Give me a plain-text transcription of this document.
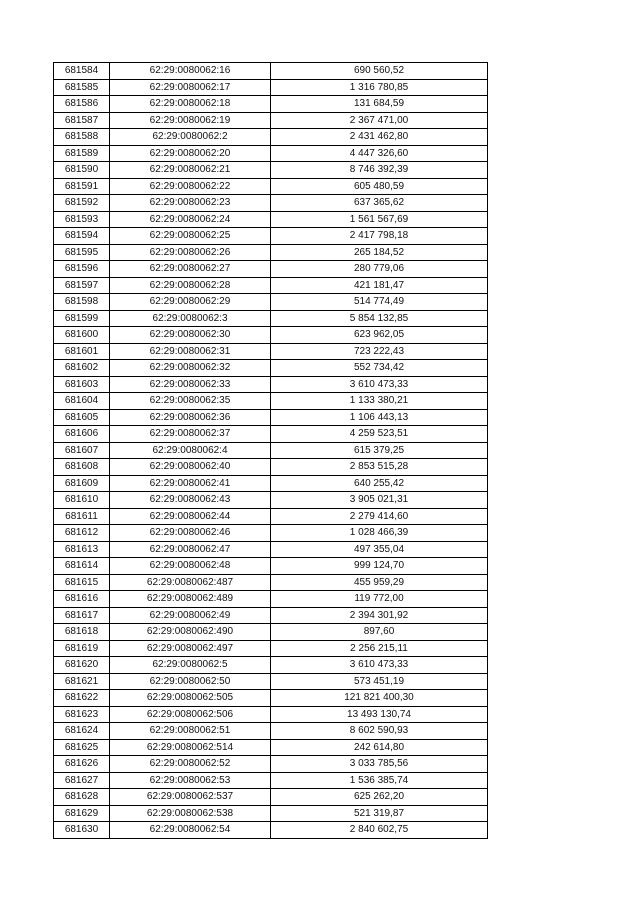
681584	62:29:0080062:16	690 560,52
681585	62:29:0080062:17	1 316 780,85
681586	62:29:0080062:18	131 684,59
681587	62:29:0080062:19	2 367 471,00
681588	62:29:0080062:2	2 431 462,80
681589	62:29:0080062:20	4 447 326,60
681590	62:29:0080062:21	8 746 392,39
681591	62:29:0080062:22	605 480,59
681592	62:29:0080062:23	637 365,62
681593	62:29:0080062:24	1 561 567,69
681594	62:29:0080062:25	2 417 798,18
681595	62:29:0080062:26	265 184,52
681596	62:29:0080062:27	280 779,06
681597	62:29:0080062:28	421 181,47
681598	62:29:0080062:29	514 774,49
681599	62:29:0080062:3	5 854 132,85
681600	62:29:0080062:30	623 962,05
681601	62:29:0080062:31	723 222,43
681602	62:29:0080062:32	552 734,42
681603	62:29:0080062:33	3 610 473,33
681604	62:29:0080062:35	1 133 380,21
681605	62:29:0080062:36	1 106 443,13
681606	62:29:0080062:37	4 259 523,51
681607	62:29:0080062:4	615 379,25
681608	62:29:0080062:40	2 853 515,28
681609	62:29:0080062:41	640 255,42
681610	62:29:0080062:43	3 905 021,31
681611	62:29:0080062:44	2 279 414,60
681612	62:29:0080062:46	1 028 466,39
681613	62:29:0080062:47	497 355,04
681614	62:29:0080062:48	999 124,70
681615	62:29:0080062:487	455 959,29
681616	62:29:0080062:489	119 772,00
681617	62:29:0080062:49	2 394 301,92
681618	62:29:0080062:490	897,60
681619	62:29:0080062:497	2 256 215,11
681620	62:29:0080062:5	3 610 473,33
681621	62:29:0080062:50	573 451,19
681622	62:29:0080062:505	121 821 400,30
681623	62:29:0080062:506	13 493 130,74
681624	62:29:0080062:51	8 602 590,93
681625	62:29:0080062:514	242 614,80
681626	62:29:0080062:52	3 033 785,56
681627	62:29:0080062:53	1 536 385,74
681628	62:29:0080062:537	625 262,20
681629	62:29:0080062:538	521 319,87
681630	62:29:0080062:54	2 840 602,75
